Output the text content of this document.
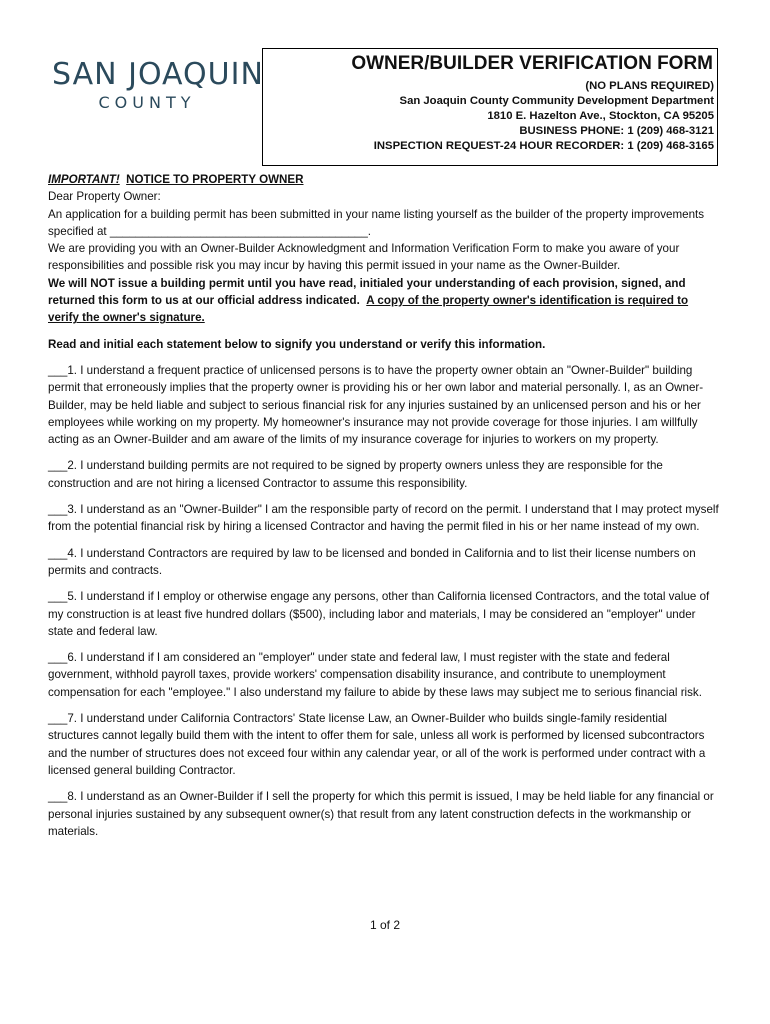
SAN JOAQUIN
COUNTY
OWNER/BUILDER VERIFICATION FORM
(NO PLANS REQUIRED)
San Joaquin County Community Development Department
1810 E. Hazelton Ave., Stockton, CA 95205
BUSINESS PHONE: 1 (209) 468-3121
INSPECTION REQUEST-24 HOUR RECORDER: 1 (209) 468-3165

IMPORTANT! NOTICE TO PROPERTY OWNER

Dear Property Owner:

An application for a building permit has been submitted in your name listing yourself as the builder of the property improvements specified at ________________________________________.

We are providing you with an Owner-Builder Acknowledgment and Information Verification Form to make you aware of your responsibilities and possible risk you may incur by having this permit issued in your name as the Owner-Builder.

We will NOT issue a building permit until you have read, initialed your understanding of each provision, signed, and returned this form to us at our official address indicated. A copy of the property owner's identification is required to verify the owner's signature.

Read and initial each statement below to signify you understand or verify this information.

___1. I understand a frequent practice of unlicensed persons is to have the property owner obtain an "Owner-Builder" building permit that erroneously implies that the property owner is providing his or her own labor and material personally. I, as an Owner-Builder, may be held liable and subject to serious financial risk for any injuries sustained by an unlicensed person and his or her employees while working on my property. My homeowner's insurance may not provide coverage for those injuries. I am willfully acting as an Owner-Builder and am aware of the limits of my insurance coverage for injuries to workers on my property.

___2. I understand building permits are not required to be signed by property owners unless they are responsible for the construction and are not hiring a licensed Contractor to assume this responsibility.

___3. I understand as an "Owner-Builder" I am the responsible party of record on the permit. I understand that I may protect myself from the potential financial risk by hiring a licensed Contractor and having the permit filed in his or her name instead of my own.

___4. I understand Contractors are required by law to be licensed and bonded in California and to list their license numbers on permits and contracts.

___5. I understand if I employ or otherwise engage any persons, other than California licensed Contractors, and the total value of my construction is at least five hundred dollars ($500), including labor and materials, I may be considered an "employer" under state and federal law.

___6. I understand if I am considered an "employer" under state and federal law, I must register with the state and federal government, withhold payroll taxes, provide workers' compensation disability insurance, and contribute to unemployment compensation for each "employee." I also understand my failure to abide by these laws may subject me to serious financial risk.

___7. I understand under California Contractors' State license Law, an Owner-Builder who builds single-family residential structures cannot legally build them with the intent to offer them for sale, unless all work is performed by licensed subcontractors and the number of structures does not exceed four within any calendar year, or all of the work is performed under contract with a licensed general building Contractor.

___8. I understand as an Owner-Builder if I sell the property for which this permit is issued, I may be held liable for any financial or personal injuries sustained by any subsequent owner(s) that result from any latent construction defects in the workmanship or materials.

1 of 2
